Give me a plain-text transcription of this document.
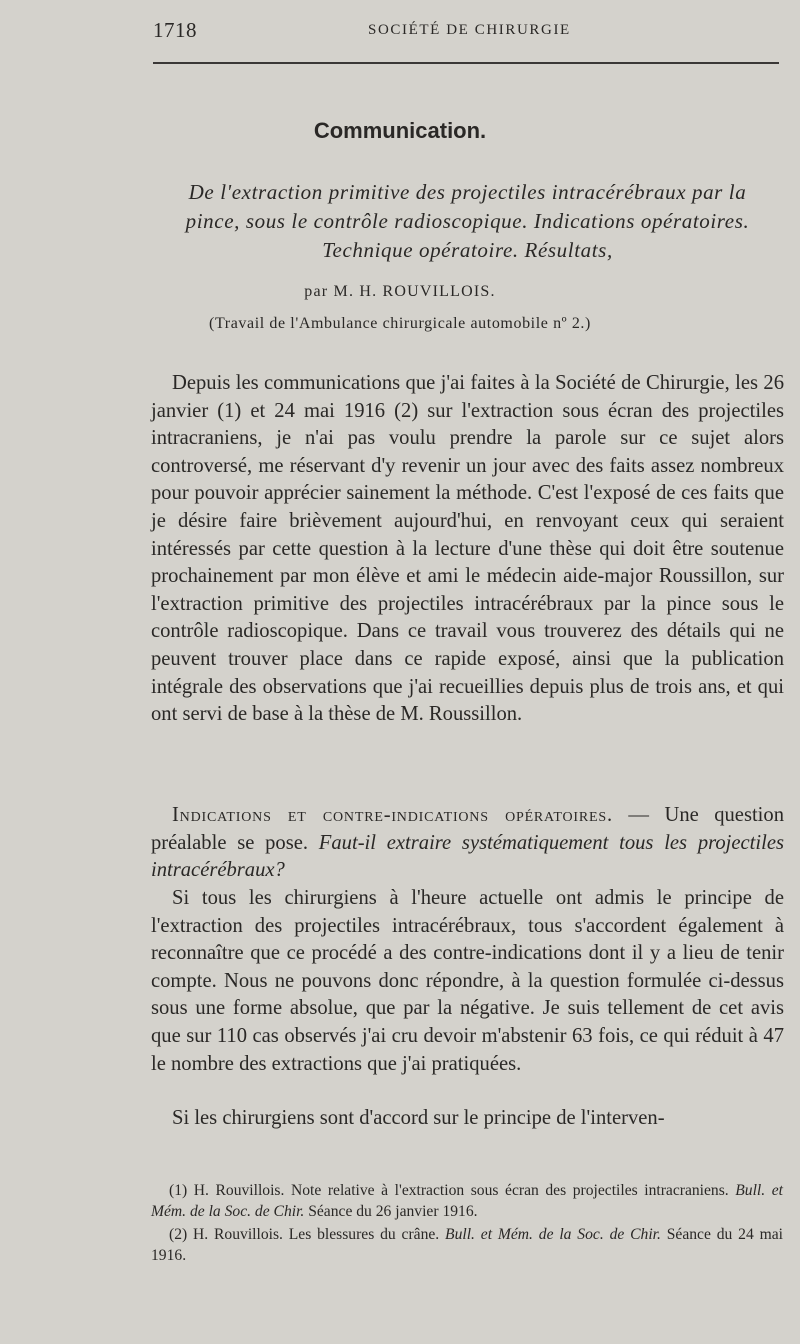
1718	SOCIÉTÉ DE CHIRURGIE
Communication.
De l'extraction primitive des projectiles intracérébraux par la pince, sous le contrôle radioscopique. Indications opératoires. Technique opératoire. Résultats,
par M. H. ROUVILLOIS.
(Travail de l'Ambulance chirurgicale automobile nº 2.)

Depuis les communications que j'ai faites à la Société de Chirurgie, les 26 janvier (1) et 24 mai 1916 (2) sur l'extraction sous écran des projectiles intracraniens, je n'ai pas voulu prendre la parole sur ce sujet alors controversé, me réservant d'y revenir un jour avec des faits assez nombreux pour pouvoir apprécier sainement la méthode. C'est l'exposé de ces faits que je désire faire brièvement aujourd'hui, en renvoyant ceux qui seraient intéressés par cette question à la lecture d'une thèse qui doit être soutenue prochainement par mon élève et ami le médecin aide-major Roussillon, sur l'extraction primitive des projectiles intracérébraux par la pince sous le contrôle radioscopique. Dans ce travail vous trouverez des détails qui ne peuvent trouver place dans ce rapide exposé, ainsi que la publication intégrale des observations que j'ai recueillies depuis plus de trois ans, et qui ont servi de base à la thèse de M. Roussillon.

Indications et contre-indications opératoires. — Une question préalable se pose. Faut-il extraire systématiquement tous les projectiles intracérébraux?

Si tous les chirurgiens à l'heure actuelle ont admis le principe de l'extraction des projectiles intracérébraux, tous s'accordent également à reconnaître que ce procédé a des contre-indications dont il y a lieu de tenir compte. Nous ne pouvons donc répondre, à la question formulée ci-dessus sous une forme absolue, que par la négative. Je suis tellement de cet avis que sur 110 cas observés j'ai cru devoir m'abstenir 63 fois, ce qui réduit à 47 le nombre des extractions que j'ai pratiquées.

Si les chirurgiens sont d'accord sur le principe de l'interven-

(1) H. Rouvillois. Note relative à l'extraction sous écran des projectiles intracraniens. Bull. et Mém. de la Soc. de Chir. Séance du 26 janvier 1916.

(2) H. Rouvillois. Les blessures du crâne. Bull. et Mém. de la Soc. de Chir. Séance du 24 mai 1916.
